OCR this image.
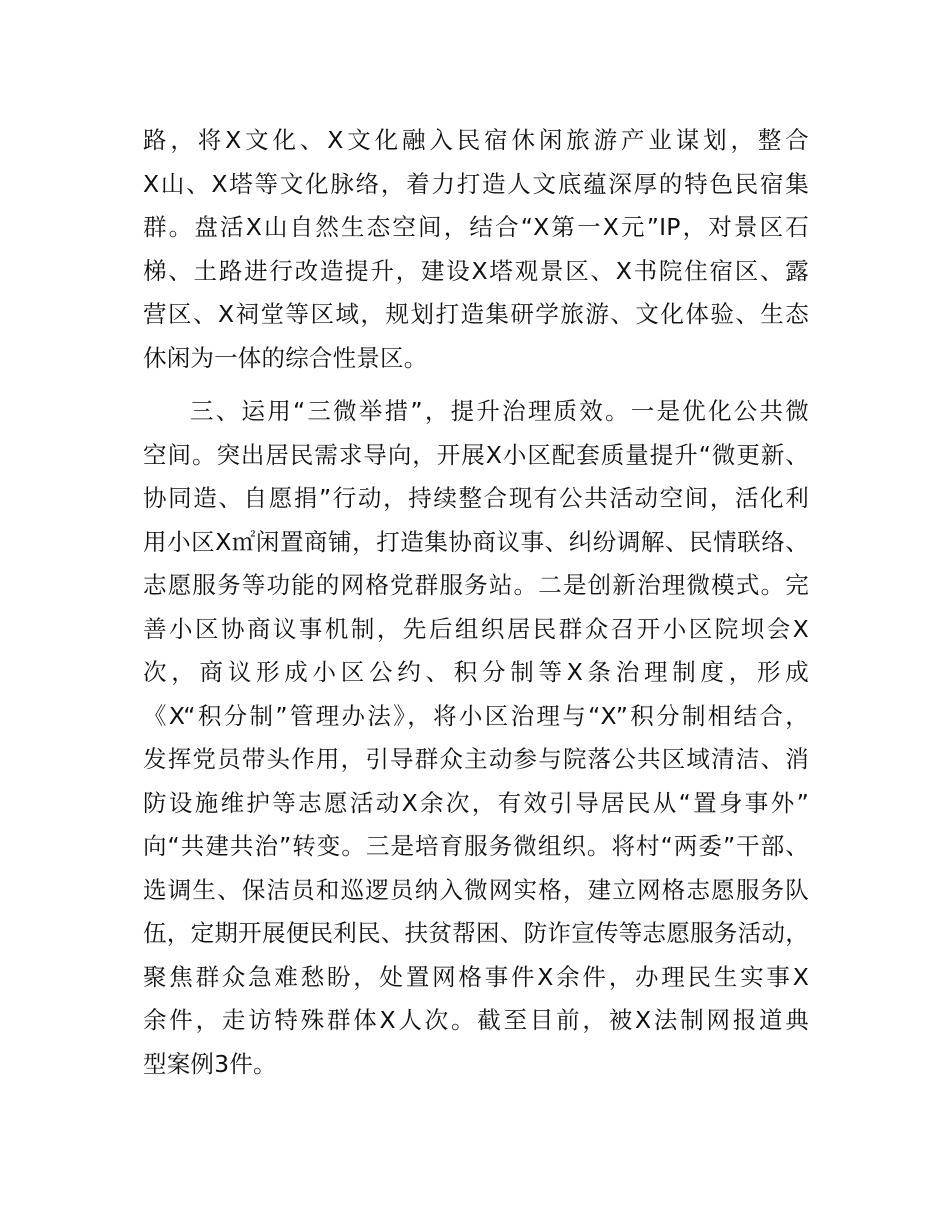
路，将X文化、X文化融入民宿休闲旅游产业谋划，整合
X山、X塔等文化脉络，着力打造人文底蕴深厚的特色民宿集
群。盘活X山自然生态空间，结合“X第一X元”IP，对景区石
梯、土路进行改造提升，建设X塔观景区、X书院住宿区、露
营区、X祠堂等区域，规划打造集研学旅游、文化体验、生态
休闲为一体的综合性景区。

三、运用“三微举措”，提升治理质效。一是优化公共微
空间。突出居民需求导向，开展X小区配套质量提升“微更新、
协同造、自愿捐”行动，持续整合现有公共活动空间，活化利
用小区X㎡闲置商铺，打造集协商议事、纠纷调解、民情联络、
志愿服务等功能的网格党群服务站。二是创新治理微模式。完
善小区协商议事机制，先后组织居民群众召开小区院坝会X
次，商议形成小区公约、积分制等X条治理制度，形成
《X“积分制”管理办法》，将小区治理与“X”积分制相结合，
发挥党员带头作用，引导群众主动参与院落公共区域清洁、消
防设施维护等志愿活动X余次，有效引导居民从“置身事外”
向“共建共治”转变。三是培育服务微组织。将村“两委”干部、
选调生、保洁员和巡逻员纳入微网实格，建立网格志愿服务队
伍，定期开展便民利民、扶贫帮困、防诈宣传等志愿服务活动，
聚焦群众急难愁盼，处置网格事件X余件，办理民生实事X
余件，走访特殊群体X人次。截至目前，被X法制网报道典
型案例3件。
